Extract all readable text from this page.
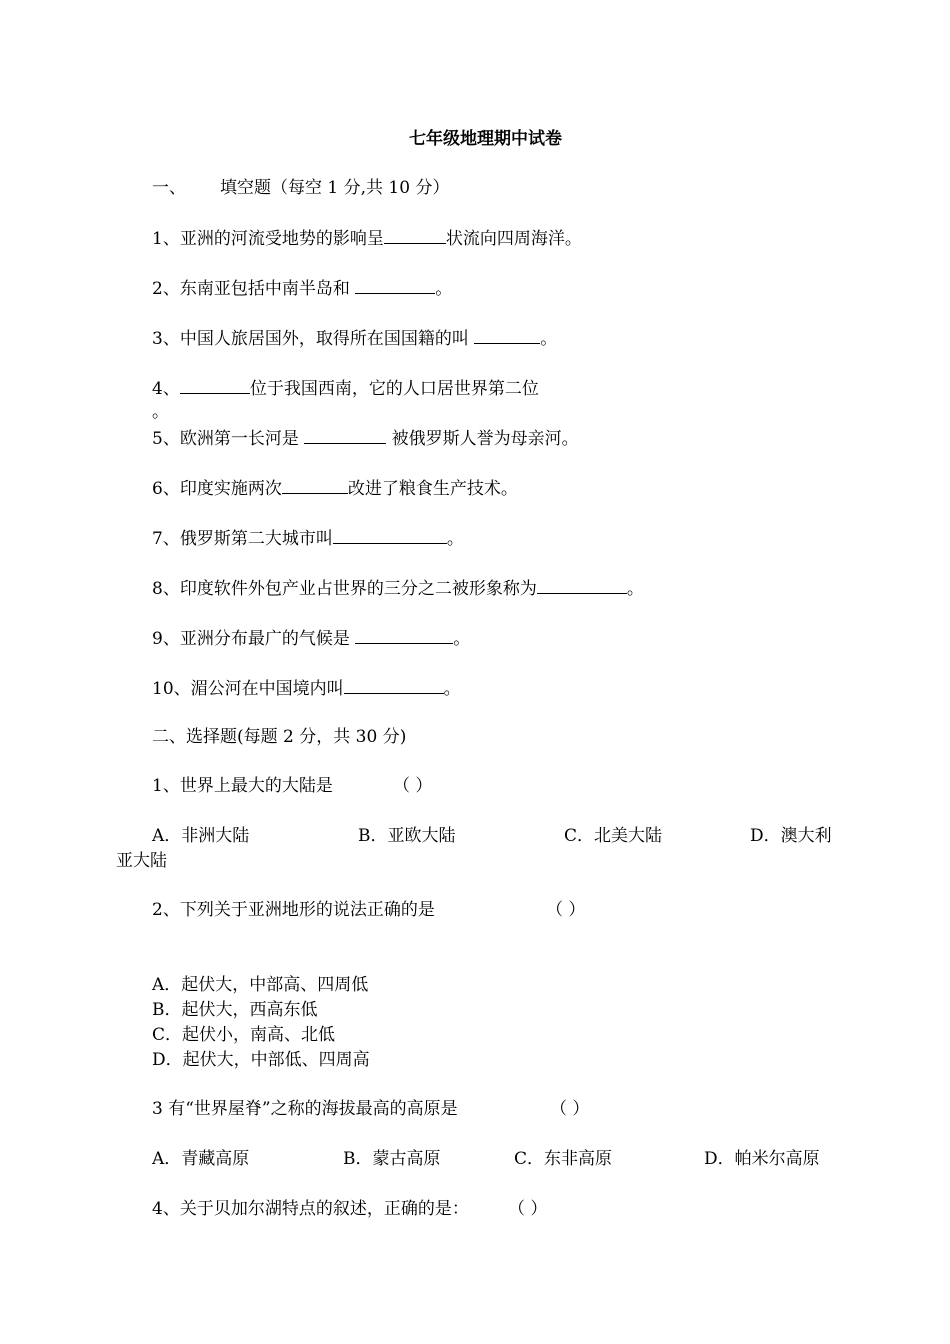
七年级地理期中试卷
一、 填空题（每空 1 分,共 10 分）
1、亚洲的河流受地势的影响呈	状流向四周海洋。
2、东南亚包括中南半岛和	。
3、中国人旅居国外，取得所在国国籍的叫	。
4、	位于我国西南，它的人口居世界第二位
。
5、欧洲第一长河是	被俄罗斯人誉为母亲河。
6、印度实施两次	改进了粮食生产技术。
7、俄罗斯第二大城市叫	。
8、印度软件外包产业占世界的三分之二被形象称为	。
9、亚洲分布最广的气候是	。
10、湄公河在中国境内叫	。
二、选择题(每题 2 分，共 30 分)
1、世界上最大的大陆是	（ ）
A．非洲大陆	B．亚欧大陆	C．北美大陆	D．澳大利
亚大陆
2、下列关于亚洲地形的说法正确的是	（ ）
A．起伏大，中部高、四周低
B．起伏大，西高东低
C．起伏小，南高、北低
D．起伏大，中部低、四周高
3 有“世界屋脊”之称的海拔最高的高原是	（ ）
A．青藏高原	B．蒙古高原	C．东非高原	D．帕米尔高原
4、关于贝加尔湖特点的叙述，正确的是： （ ）
